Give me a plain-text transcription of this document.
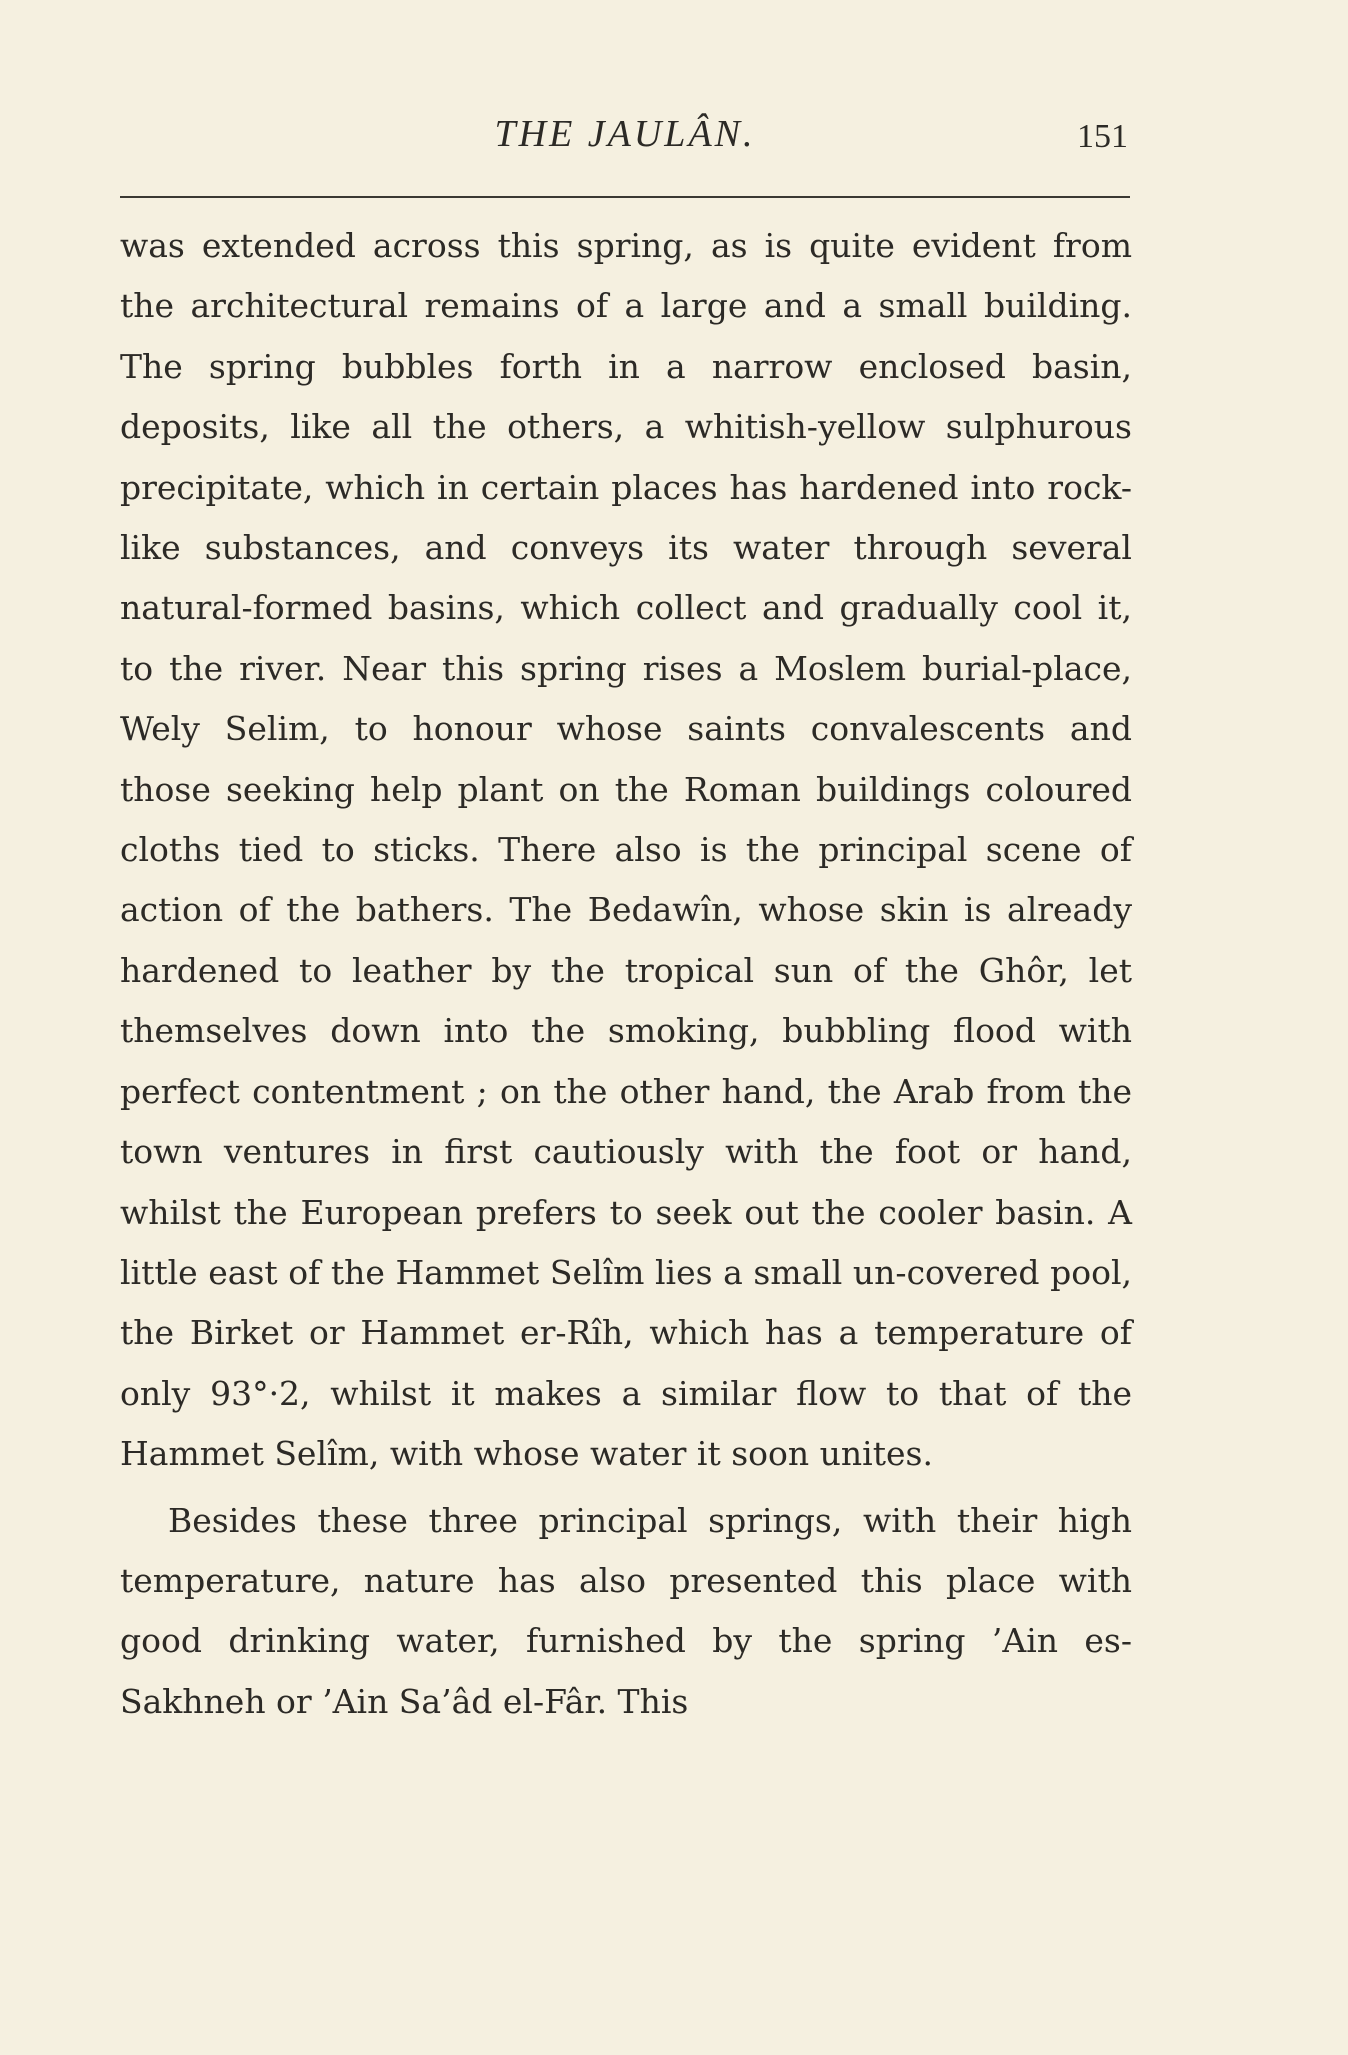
THE JAULÂN.	151

was extended across this spring, as is quite evident from the architectural remains of a large and a small building. The spring bubbles forth in a narrow enclosed basin, deposits, like all the others, a whitish-yellow sulphurous precipitate, which in certain places has hardened into rock-like substances, and conveys its water through several natural-formed basins, which collect and gradually cool it, to the river. Near this spring rises a Moslem burial-place, Wely Selim, to honour whose saints convalescents and those seeking help plant on the Roman buildings coloured cloths tied to sticks. There also is the principal scene of action of the bathers. The Bedawîn, whose skin is already hardened to leather by the tropical sun of the Ghôr, let themselves down into the smoking, bubbling flood with perfect contentment ; on the other hand, the Arab from the town ventures in first cautiously with the foot or hand, whilst the European prefers to seek out the cooler basin. A little east of the Hammet Selîm lies a small un-covered pool, the Birket or Hammet er-Rîh, which has a temperature of only 93°·2, whilst it makes a similar flow to that of the Hammet Selîm, with whose water it soon unites.

Besides these three principal springs, with their high temperature, nature has also presented this place with good drinking water, furnished by the spring ’Ain es-Sakhneh or ’Ain Sa’âd el-Fâr. This
